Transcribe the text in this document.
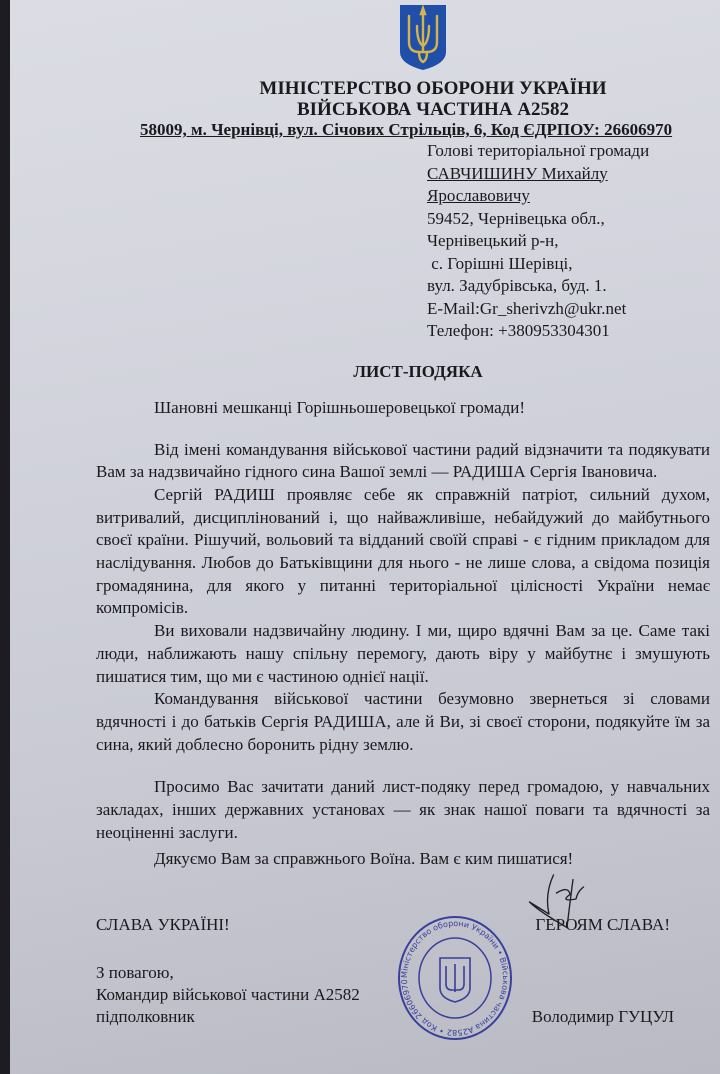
МІНІСТЕРСТВО ОБОРОНИ УКРАЇНИ
ВІЙСЬКОВА ЧАСТИНА А2582
58009, м. Чернівці, вул. Січових Стрільців, 6, Код ЄДРПОУ: 26606970
Голові територіальної громади
САВЧИШИНУ Михайлу
Ярославовичу
59452, Чернівецька обл.,
Чернівецький р-н,
с. Горішні Шерівці,
вул. Задубрівська, буд. 1.
E-Mail:Gr_sherivzh@ukr.net
Телефон: +380953304301
ЛИСТ-ПОДЯКА
Шановні мешканці Горішньошеровецької громади!
Від імені командування військової частини радий відзначити та подякувати Вам за надзвичайно гідного сина Вашої землі — РАДИША Сергія Івановича.
Сергій РАДИШ проявляє себе як справжній патріот, сильний духом, витривалий, дисциплінований і, що найважливіше, небайдужий до майбутнього своєї країни. Рішучий, вольовий та відданий своїй справі - є гідним прикладом для наслідування. Любов до Батьківщини для нього - не лише слова, а свідома позиція громадянина, для якого у питанні територіальної цілісності України немає компромісів.
Ви виховали надзвичайну людину. І ми, щиро вдячні Вам за це. Саме такі люди, наближають нашу спільну перемогу, дають віру у майбутнє і змушують пишатися тим, що ми є частиною однієї нації.
Командування військової частини безумовно звернеться зі словами вдячності і до батьків Сергія РАДИША, але й Ви, зі своєї сторони, подякуйте їм за сина, який доблесно боронить рідну землю.
Просимо Вас зачитати даний лист-подяку перед громадою, у навчальних закладах, інших державних установах — як знак нашої поваги та вдячності за неоціненні заслуги.
Дякуємо Вам за справжнього Воїна. Вам є ким пишатися!
СЛАВА УКРАЇНІ!	ГЕРОЯМ СЛАВА!
З повагою,
Командир військової частини А2582
підполковник	Володимир ГУЦУЛ
Міністерство оборони України • Військова частина А2582 • Код 26606970
